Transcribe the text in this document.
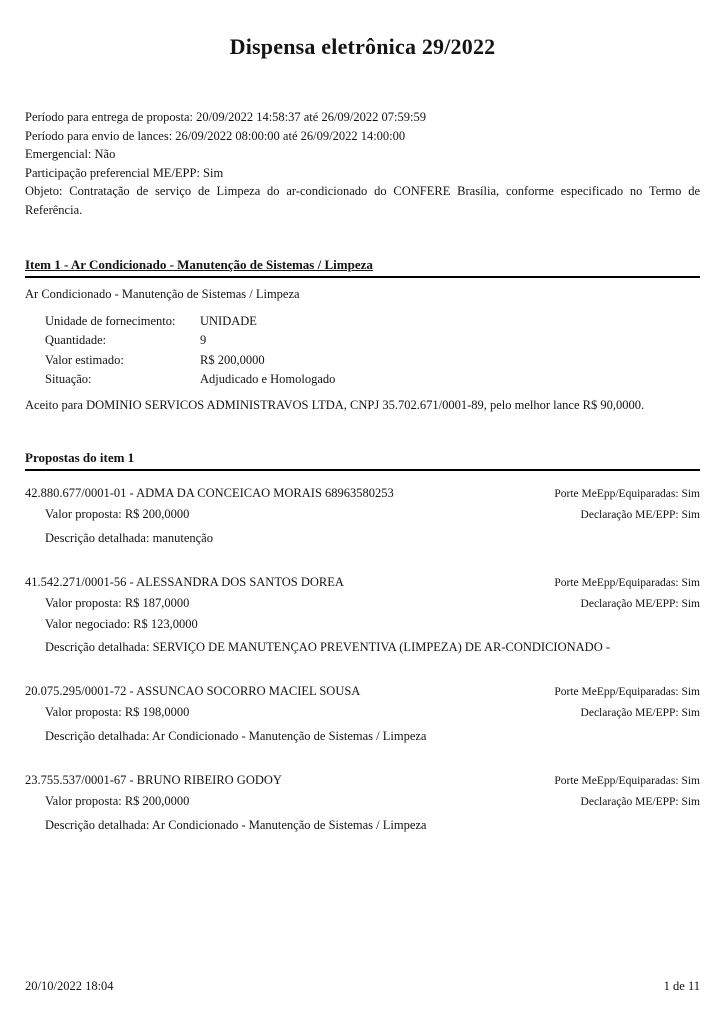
Dispensa eletrônica 29/2022

Período para entrega de proposta: 20/09/2022 14:58:37 até 26/09/2022 07:59:59

Período para envio de lances: 26/09/2022 08:00:00 até 26/09/2022 14:00:00

Emergencial: Não

Participação preferencial ME/EPP: Sim

Objeto: Contratação de serviço de Limpeza do ar-condicionado do CONFERE Brasília, conforme especificado no Termo de Referência.

Item 1 - Ar Condicionado - Manutenção de Sistemas / Limpeza

Ar Condicionado - Manutenção de Sistemas / Limpeza

Unidade de fornecimento:	UNIDADE
Quantidade:	9
Valor estimado:	R$ 200,0000
Situação:	Adjudicado e Homologado

Aceito para DOMINIO SERVICOS ADMINISTRAVOS LTDA, CNPJ 35.702.671/0001-89, pelo melhor lance R$ 90,0000.

Propostas do item 1
42.880.677/0001-01 - ADMA DA CONCEICAO MORAIS 68963580253	Porte MeEpp/Equiparadas: Sim
Valor proposta: R$ 200,0000	Declaração ME/EPP: Sim

Descrição detalhada: manutenção

41.542.271/0001-56 - ALESSANDRA DOS SANTOS DOREA	Porte MeEpp/Equiparadas: Sim
Valor proposta: R$ 187,0000	Declaração ME/EPP: Sim
Valor negociado: R$ 123,0000

Descrição detalhada: SERVIÇO DE MANUTENÇAO PREVENTIVA (LIMPEZA) DE AR-CONDICIONADO -

20.075.295/0001-72 - ASSUNCAO SOCORRO MACIEL SOUSA	Porte MeEpp/Equiparadas: Sim
Valor proposta: R$ 198,0000	Declaração ME/EPP: Sim

Descrição detalhada: Ar Condicionado - Manutenção de Sistemas / Limpeza

23.755.537/0001-67 - BRUNO RIBEIRO GODOY	Porte MeEpp/Equiparadas: Sim
Valor proposta: R$ 200,0000	Declaração ME/EPP: Sim

Descrição detalhada: Ar Condicionado - Manutenção de Sistemas / Limpeza

20/10/2022 18:04	1 de 11
